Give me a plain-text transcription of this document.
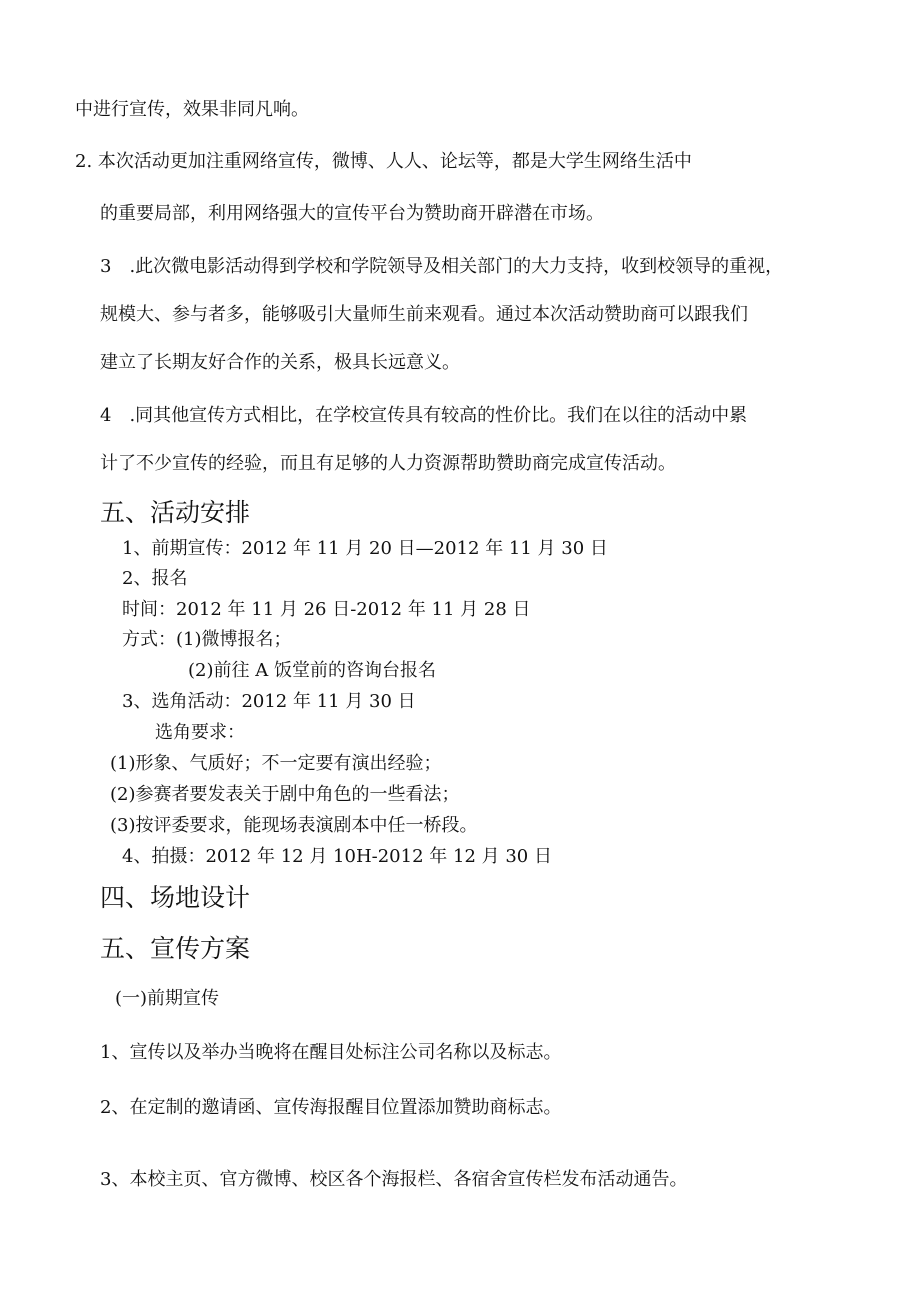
中进行宣传，效果非同凡响。
2. 本次活动更加注重网络宣传，微博、人人、论坛等，都是大学生网络生活中
的重要局部，利用网络强大的宣传平台为赞助商开辟潜在市场。
3　.此次微电影活动得到学校和学院领导及相关部门的大力支持，收到校领导的重视，
规模大、参与者多，能够吸引大量师生前来观看。通过本次活动赞助商可以跟我们
建立了长期友好合作的关系，极具长远意义。
4　.同其他宣传方式相比，在学校宣传具有较高的性价比。我们在以往的活动中累
计了不少宣传的经验，而且有足够的人力资源帮助赞助商完成宣传活动。
五、活动安排
1、前期宣传：2012 年 11 月 20 日—2012 年 11 月 30 日
2、报名
时间：2012 年 11 月 26 日-2012 年 11 月 28 日
方式：(1)微博报名；
(2)前往 A 饭堂前的咨询台报名
3、选角活动：2012 年 11 月 30 日
选角要求：
(1)形象、气质好；不一定要有演出经验；
(2)参赛者要发表关于剧中角色的一些看法；
(3)按评委要求，能现场表演剧本中任一桥段。
4、拍摄：2012 年 12 月 10H-2012 年 12 月 30 日
四、场地设计
五、宣传方案
(一)前期宣传
1、宣传以及举办当晚将在醒目处标注公司名称以及标志。
2、在定制的邀请函、宣传海报醒目位置添加赞助商标志。
3、本校主页、官方微博、校区各个海报栏、各宿舍宣传栏发布活动通告。
